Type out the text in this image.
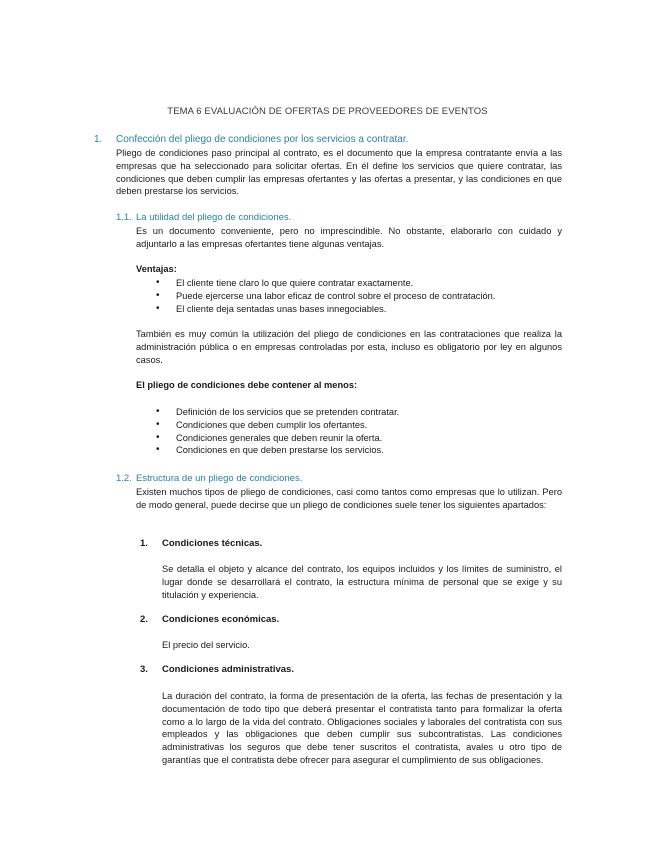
TEMA 6 EVALUACIÓN DE OFERTAS DE PROVEEDORES DE EVENTOS
1. Confección del pliego de condiciones por los servicios a contratar.

Pliego de condiciones paso principal al contrato, es el documento que la empresa contratante envía a las empresas que ha seleccionado para solicitar ofertas. En él define los servicios que quiere contratar, las condiciones que deben cumplir las empresas ofertantes y las ofertas a presentar, y las condiciones en que deben prestarse los servicios.

1.1. La utilidad del pliego de condiciones.

Es un documento conveniente, pero no imprescindible. No obstante, elaborarlo con cuidado y adjuntarlo a las empresas ofertantes tiene algunas ventajas.

Ventajas:
• El cliente tiene claro lo que quiere contratar exactamente.
• Puede ejercerse una labor eficaz de control sobre el proceso de contratación.
• El cliente deja sentadas unas bases innegociables.

También es muy común la utilización del pliego de condiciones en las contrataciones que realiza la administración pública o en empresas controladas por esta, incluso es obligatorio por ley en algunos casos.

El pliego de condiciones debe contener al menos:
• Definición de los servicios que se pretenden contratar.
• Condiciones que deben cumplir los ofertantes.
• Condiciones generales que deben reunir la oferta.
• Condiciones en que deben prestarse los servicios.
1.2. Estructura de un pliego de condiciones.

Existen muchos tipos de pliego de condiciones, casi como tantos como empresas que lo utilizan. Pero de modo general, puede decirse que un pliego de condiciones suele tener los siguientes apartados:

1. Condiciones técnicas.

Se detalla el objeto y alcance del contrato, los equipos incluidos y los límites de suministro, el lugar donde se desarrollará el contrato, la estructura mínima de personal que se exige y su titulación y experiencia.

2. Condiciones económicas.

El precio del servicio.

3. Condiciones administrativas.

La duración del contrato, la forma de presentación de la oferta, las fechas de presentación y la documentación de todo tipo que deberá presentar el contratista tanto para formalizar la oferta como a lo largo de la vida del contrato. Obligaciones sociales y laborales del contratista con sus empleados y las obligaciones que deben cumplir sus subcontratistas. Las condiciones administrativas los seguros que debe tener suscritos el contratista, avales u otro tipo de garantías que el contratista debe ofrecer para asegurar el cumplimiento de sus obligaciones.
